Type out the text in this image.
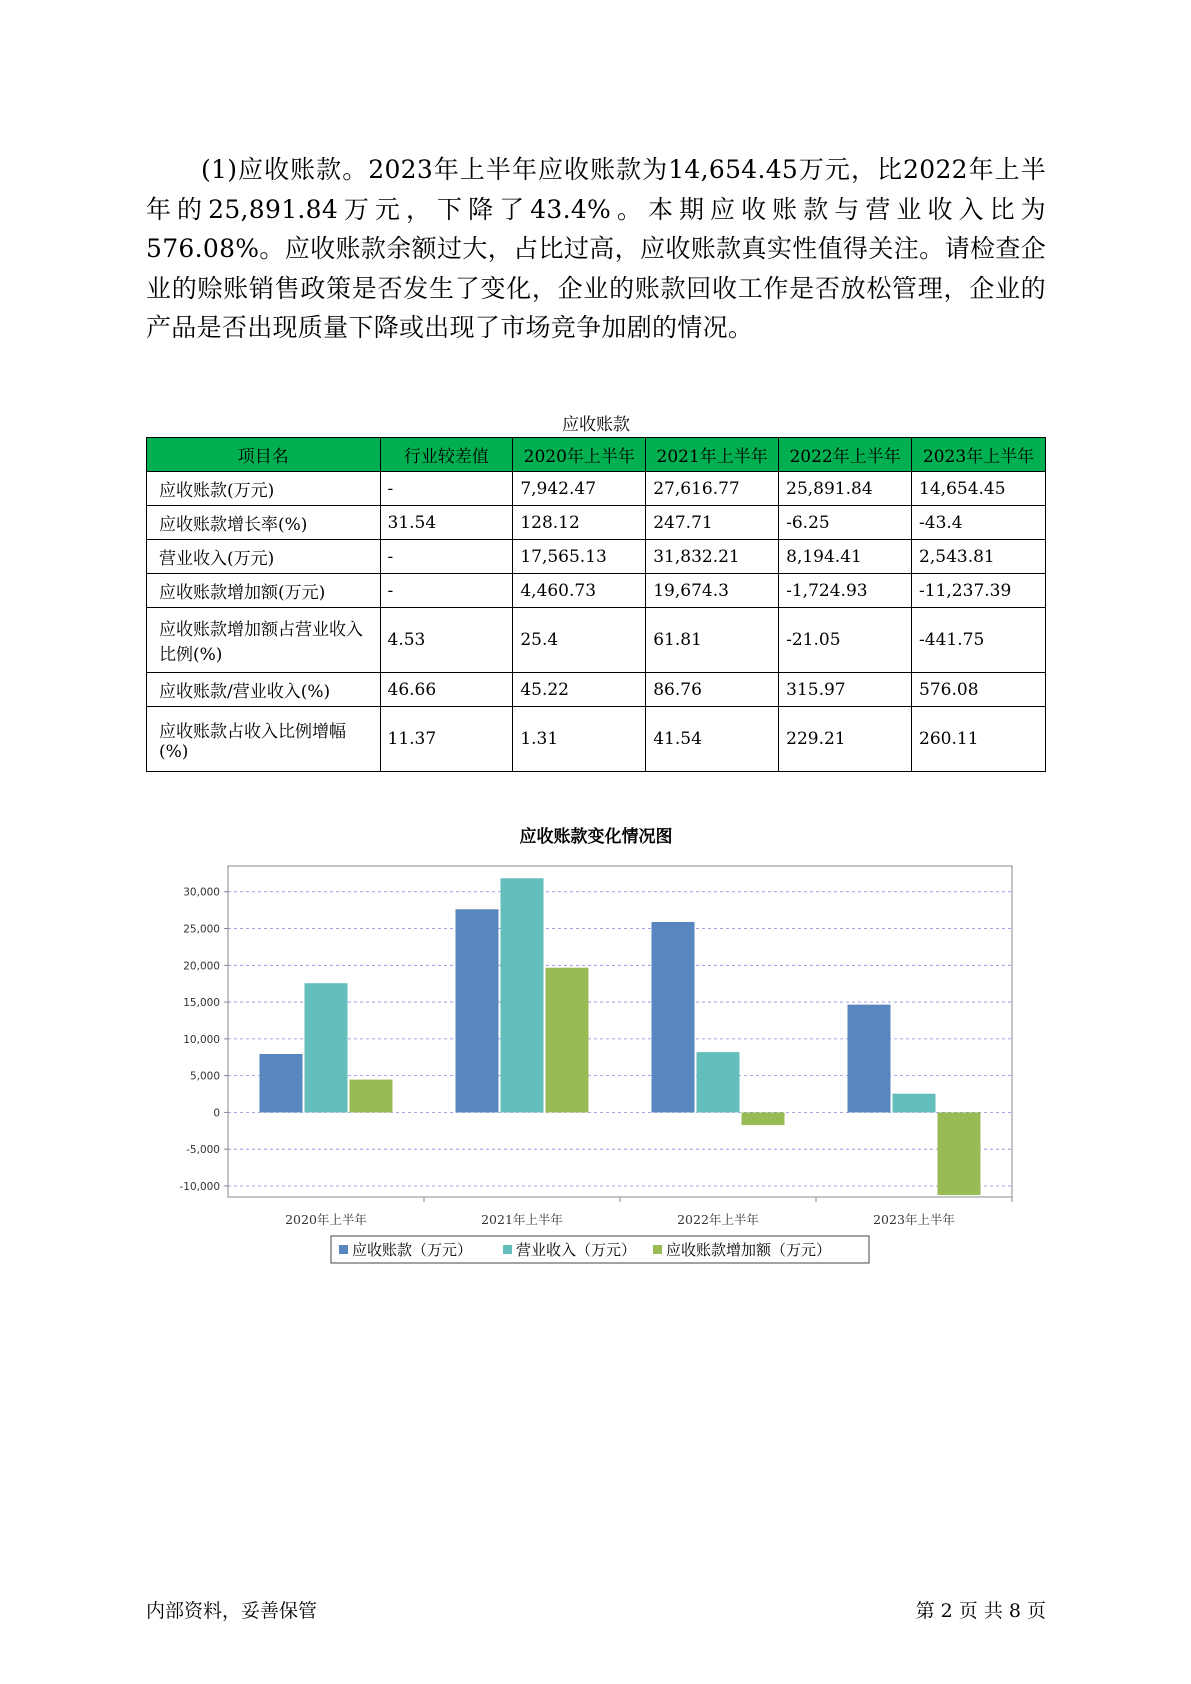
(1)应收账款。2023年上半年应收账款为14,654.45万元，比2022年上半年的25,891.84万元，下降了43.4%。本期应收账款与营业收入比为576.08%。应收账款余额过大，占比过高，应收账款真实性值得关注。请检查企业的赊账销售政策是否发生了变化，企业的账款回收工作是否放松管理，企业的产品是否出现质量下降或出现了市场竞争加剧的情况。

应收账款
项目名	行业较差值	2020年上半年	2021年上半年	2022年上半年	2023年上半年
应收账款(万元)	-	7,942.47	27,616.77	25,891.84	14,654.45
应收账款增长率(%)	31.54	128.12	247.71	-6.25	-43.4
营业收入(万元)	-	17,565.13	31,832.21	8,194.41	2,543.81
应收账款增加额(万元)	-	4,460.73	19,674.3	-1,724.93	-11,237.39
应收账款增加额占营业收入比例(%)	4.53	25.4	61.81	-21.05	-441.75
应收账款/营业收入(%)	46.66	45.22	86.76	315.97	576.08
应收账款占收入比例增幅(%)	11.37	1.31	41.54	229.21	260.11
应收账款变化情况图
-10,000
-5,000
0
5,000
10,000
15,000
20,000
25,000
30,000
2020年上半年	2021年上半年	2022年上半年	2023年上半年
应收账款（万元）	营业收入（万元） 应收账款增加额（万元）
内部资料，妥善保管	第 2 页 共 8 页
